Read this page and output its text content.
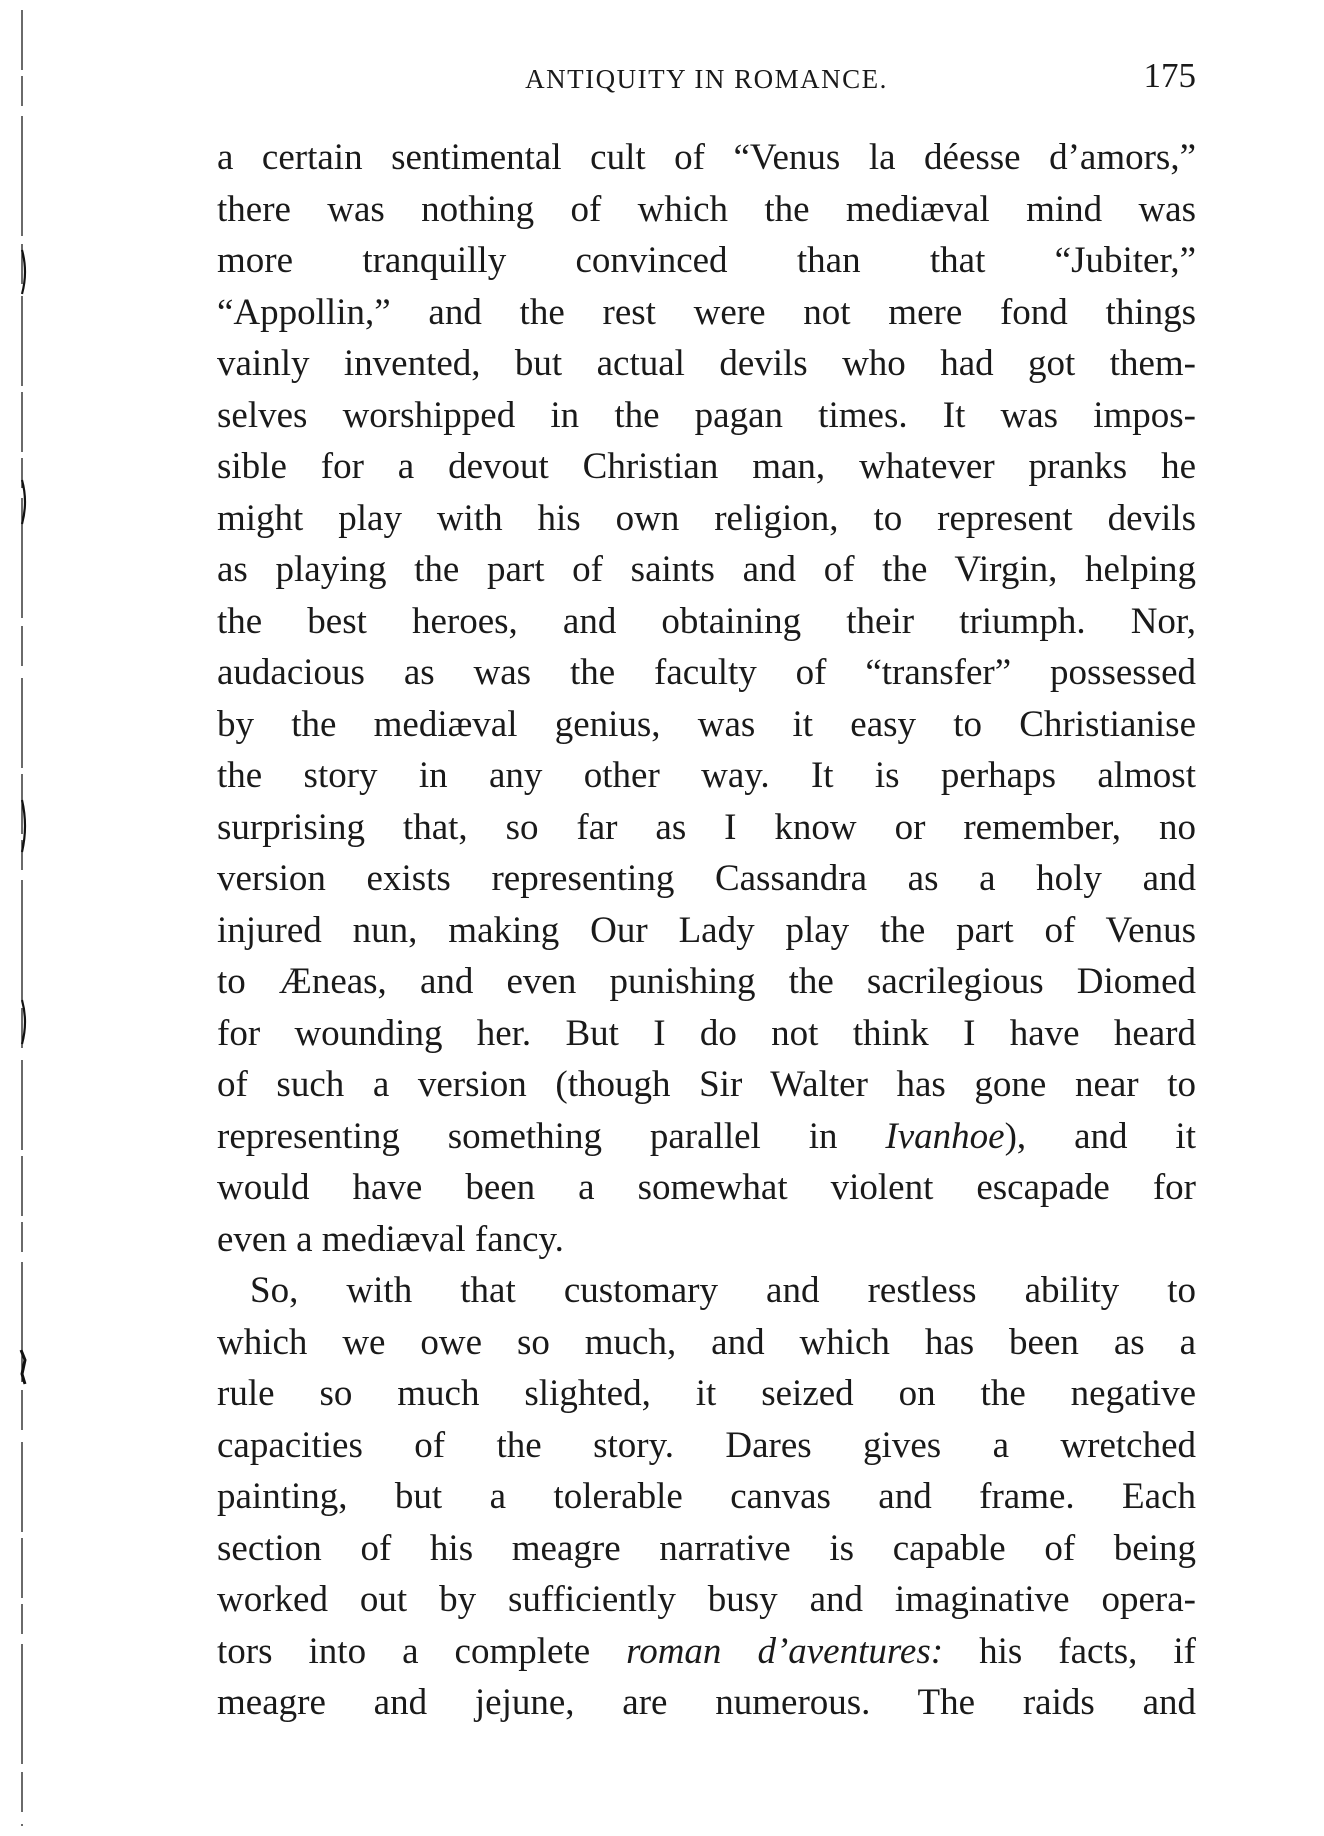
ANTIQUITY IN ROMANCE.	175
a certain sentimental cult of “Venus la déesse d’amors,”
there was nothing of which the mediæval mind was
more tranquilly convinced than that “Jubiter,”
“Appollin,” and the rest were not mere fond things
vainly invented, but actual devils who had got them-
selves worshipped in the pagan times. It was impos-
sible for a devout Christian man, whatever pranks he
might play with his own religion, to represent devils
as playing the part of saints and of the Virgin, helping
the best heroes, and obtaining their triumph. Nor,
audacious as was the faculty of “transfer” possessed
by the mediæval genius, was it easy to Christianise
the story in any other way. It is perhaps almost
surprising that, so far as I know or remember, no
version exists representing Cassandra as a holy and
injured nun, making Our Lady play the part of Venus
to Æneas, and even punishing the sacrilegious Diomed
for wounding her. But I do not think I have heard
of such a version (though Sir Walter has gone near to
representing something parallel in Ivanhoe), and it
would have been a somewhat violent escapade for
even a mediæval fancy.
So, with that customary and restless ability to
which we owe so much, and which has been as a
rule so much slighted, it seized on the negative
capacities of the story. Dares gives a wretched
painting, but a tolerable canvas and frame. Each
section of his meagre narrative is capable of being
worked out by sufficiently busy and imaginative opera-
tors into a complete roman d’aventures: his facts, if
meagre and jejune, are numerous. The raids and
